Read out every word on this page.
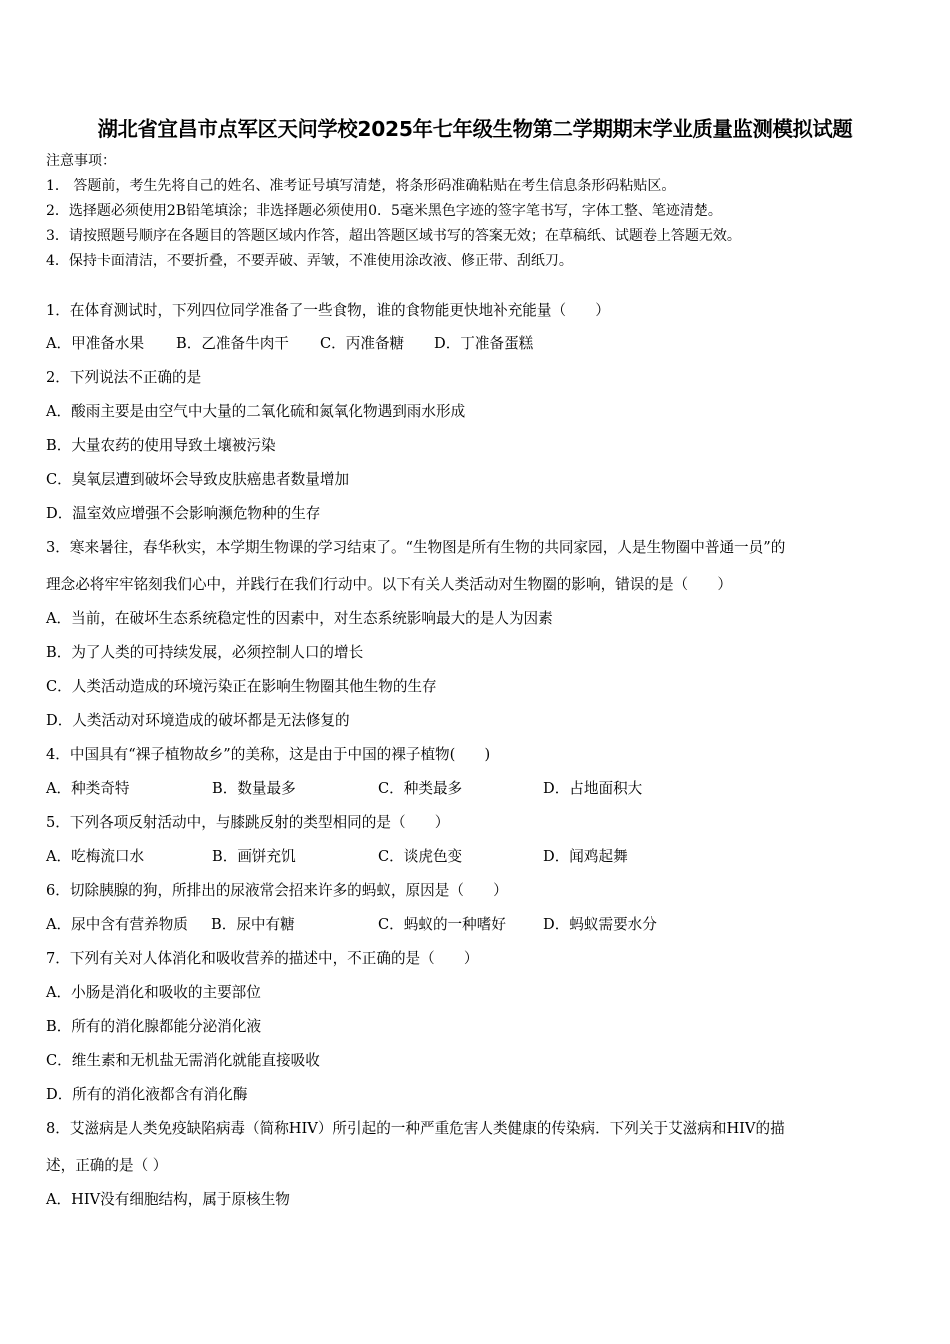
湖北省宜昌市点军区天问学校2025年七年级生物第二学期期末学业质量监测模拟试题
注意事项：
1． 答题前，考生先将自己的姓名、准考证号填写清楚，将条形码准确粘贴在考生信息条形码粘贴区。
2．选择题必须使用2B铅笔填涂；非选择题必须使用0．5毫米黑色字迹的签字笔书写，字体工整、笔迹清楚。
3．请按照题号顺序在各题目的答题区域内作答，超出答题区域书写的答案无效；在草稿纸、试题卷上答题无效。
4．保持卡面清洁，不要折叠，不要弄破、弄皱，不准使用涂改液、修正带、刮纸刀。
1．在体育测试时，下列四位同学准备了一些食物，谁的食物能更快地补充能量（　　）
A．甲准备水果 B．乙准备牛肉干 C．丙准备糖 D．丁准备蛋糕
2．下列说法不正确的是
A．酸雨主要是由空气中大量的二氧化硫和氮氧化物遇到雨水形成
B．大量农药的使用导致土壤被污染
C．臭氧层遭到破坏会导致皮肤癌患者数量增加
D．温室效应增强不会影响濒危物种的生存
3．寒来暑往，春华秋实，本学期生物课的学习结束了。“生物图是所有生物的共同家园，人是生物圈中普通一员”的
理念必将牢牢铭刻我们心中，并践行在我们行动中。以下有关人类活动对生物圈的影响，错误的是（　　）
A．当前，在破坏生态系统稳定性的因素中，对生态系统影响最大的是人为因素
B．为了人类的可持续发展，必须控制人口的增长
C．人类活动造成的环境污染正在影响生物圈其他生物的生存
D．人类活动对环境造成的破坏都是无法修复的
4．中国具有“裸子植物故乡”的美称，这是由于中国的裸子植物(　　)
A．种类奇特	B．数量最多	C．种类最多	D．占地面积大
5．下列各项反射活动中，与膝跳反射的类型相同的是（　　）
A．吃梅流口水	B．画饼充饥	C．谈虎色变	D．闻鸡起舞
6．切除胰腺的狗，所排出的尿液常会招来许多的蚂蚁，原因是（　　）
A．尿中含有营养物质 B．尿中有糖	C．蚂蚁的一种嗜好	D．蚂蚁需要水分
7．下列有关对人体消化和吸收营养的描述中，不正确的是（　　）
A．小肠是消化和吸收的主要部位
B．所有的消化腺都能分泌消化液
C．维生素和无机盐无需消化就能直接吸收
D．所有的消化液都含有消化酶
8．艾滋病是人类免疫缺陷病毒（简称HIV）所引起的一种严重危害人类健康的传染病．下列关于艾滋病和HIV的描
述，正确的是（ ）
A．HIV没有细胞结构，属于原核生物
